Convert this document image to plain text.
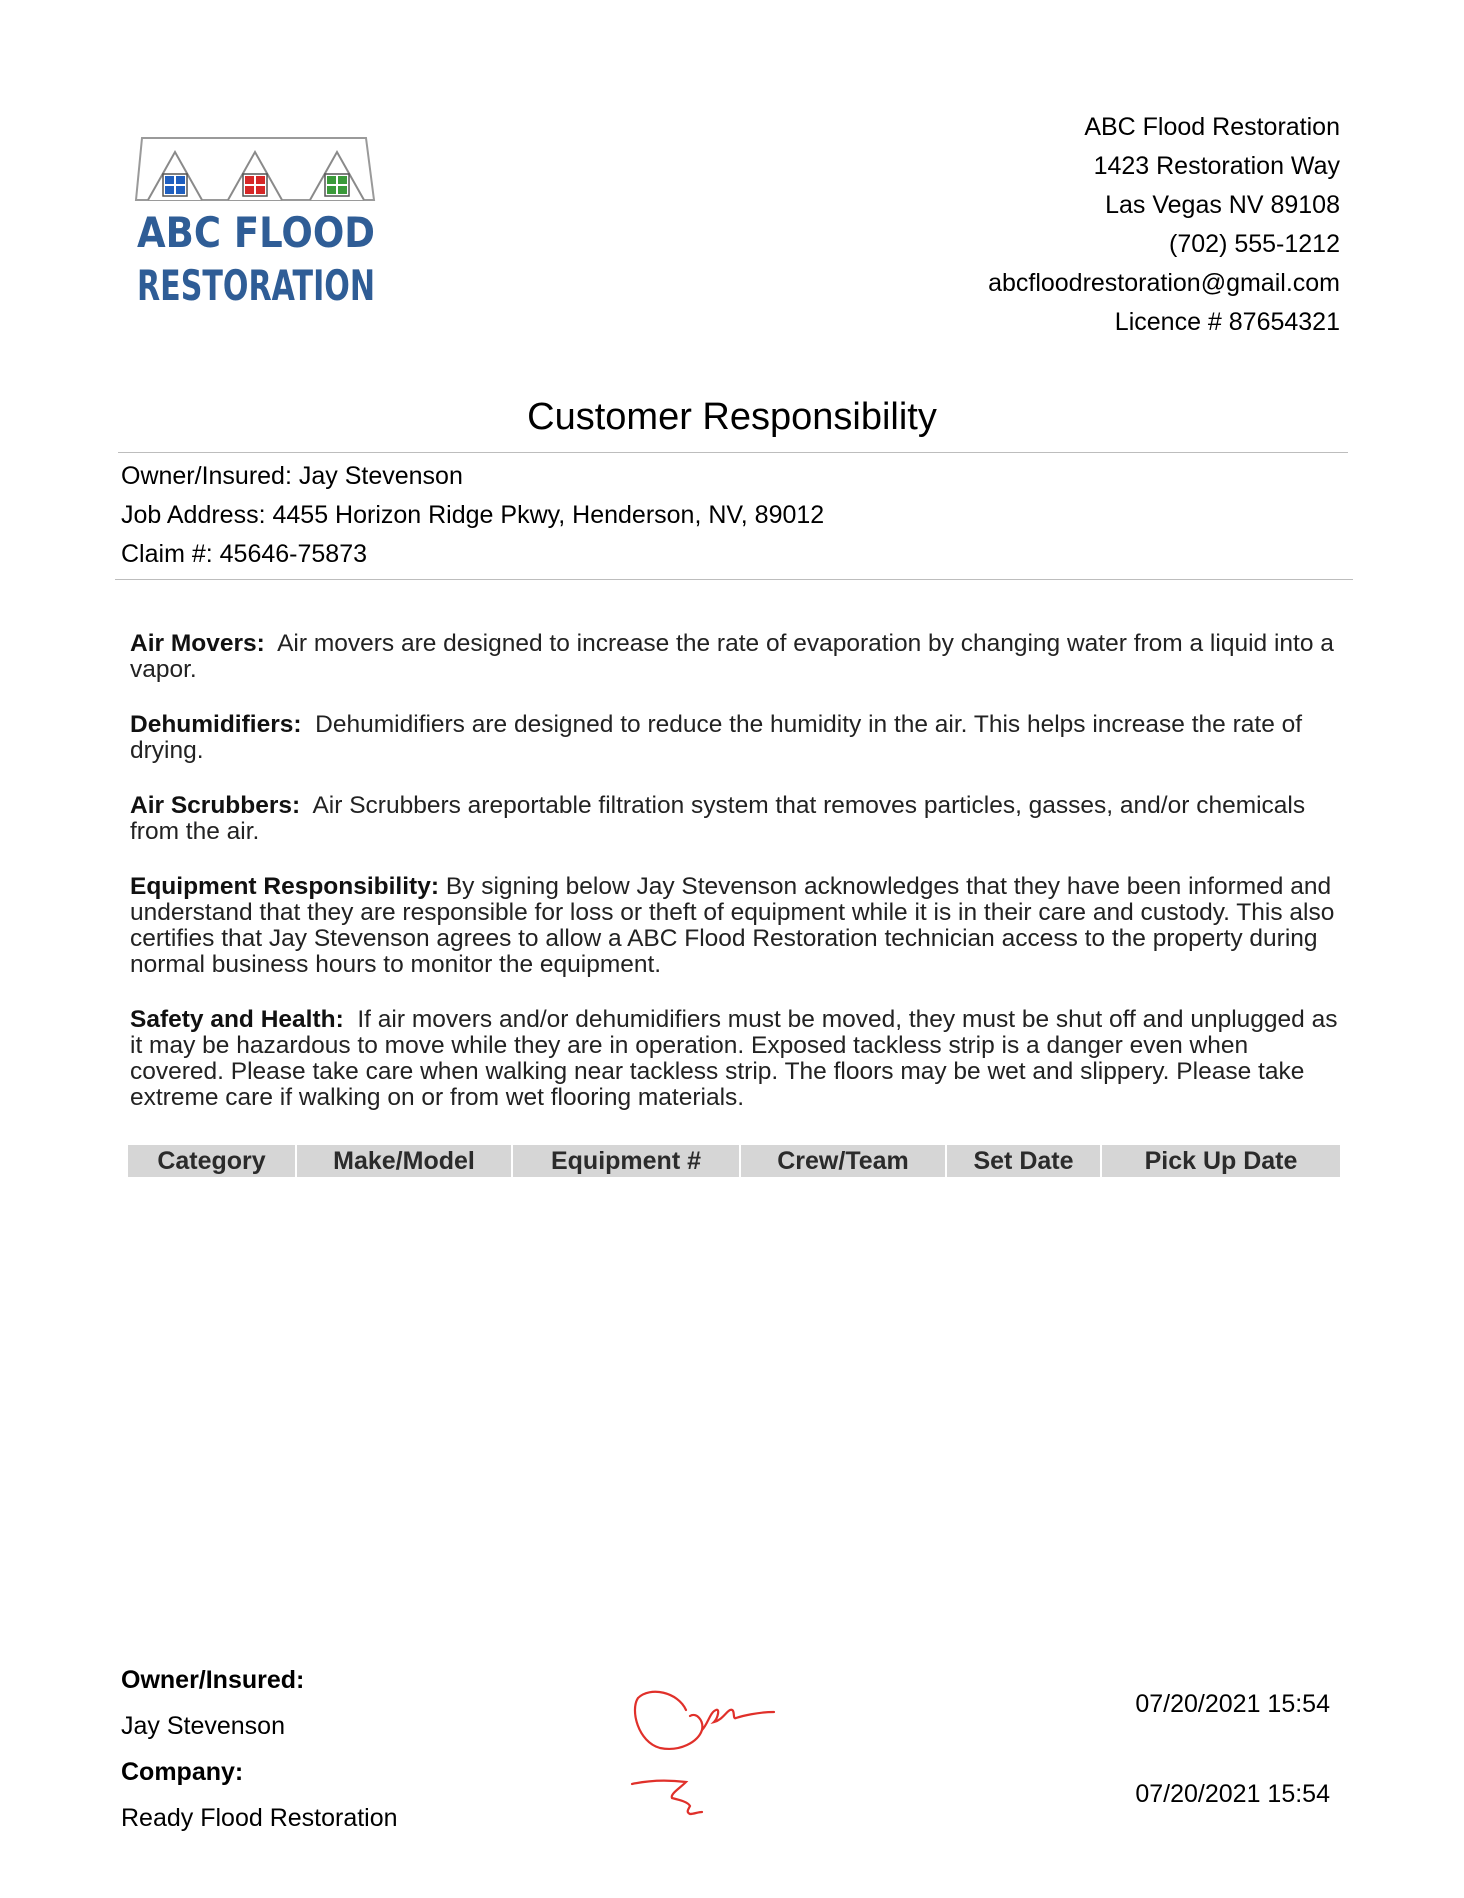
ABC FLOOD
RESTORATION
ABC Flood Restoration
1423 Restoration Way
Las Vegas NV 89108
(702) 555-1212
abcfloodrestoration@gmail.com
Licence # 87654321
Customer Responsibility
Owner/Insured: Jay Stevenson
Job Address: 4455 Horizon Ridge Pkwy, Henderson, NV, 89012
Claim #: 45646-75873
Air Movers: Air movers are designed to increase the rate of evaporation by changing water from a liquid into a vapor.
Dehumidifiers: Dehumidifiers are designed to reduce the humidity in the air. This helps increase the rate of drying.
Air Scrubbers: Air Scrubbers areportable filtration system that removes particles, gasses, and/or chemicals from the air.
Equipment Responsibility: By signing below Jay Stevenson acknowledges that they have been informed and understand that they are responsible for loss or theft of equipment while it is in their care and custody. This also certifies that Jay Stevenson agrees to allow a ABC Flood Restoration technician access to the property during normal business hours to monitor the equipment.
Safety and Health: If air movers and/or dehumidifiers must be moved, they must be shut off and unplugged as it may be hazardous to move while they are in operation. Exposed tackless strip is a danger even when covered. Please take care when walking near tackless strip. The floors may be wet and slippery. Please take extreme care if walking on or from wet flooring materials.
Category	Make/Model	Equipment #	Crew/Team	Set Date	Pick Up Date
Owner/Insured:
Jay Stevenson
07/20/2021 15:54
Company:
Ready Flood Restoration
07/20/2021 15:54
